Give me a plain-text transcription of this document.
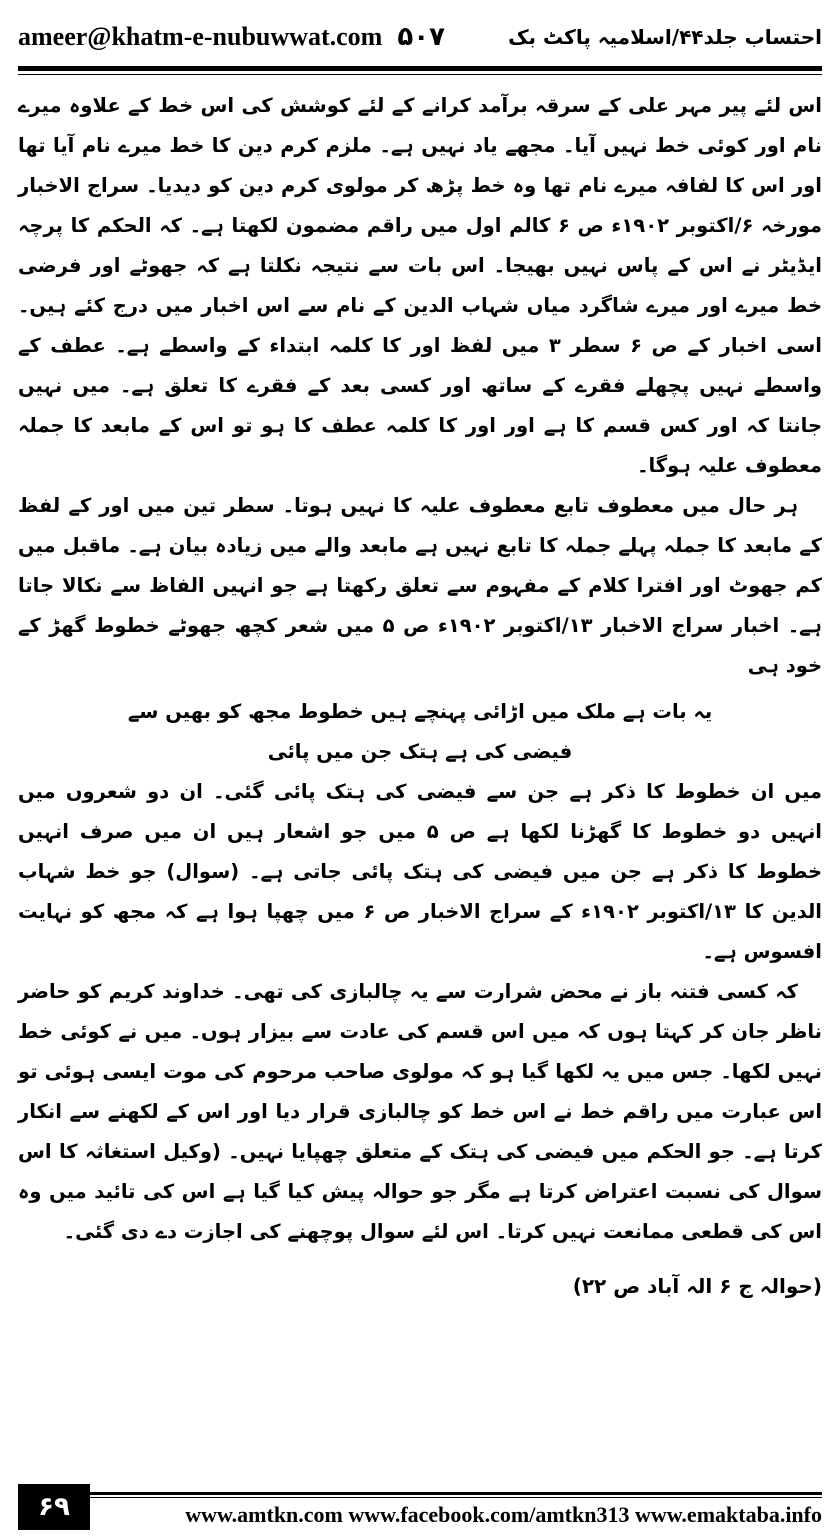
ameer@khatm-e-nubuwwat.com ۵۰۷	احتساب جلد۴۴/اسلامیہ پاکٹ بک

اس لئے پیر مہر علی کے سرقہ برآمد کرانے کے لئے کوشش کی اس خط کے علاوہ میرے نام اور کوئی خط نہیں آیا۔ مجھے یاد نہیں ہے۔ ملزم کرم دین کا خط میرے نام آیا تھا اور اس کا لفافہ میرے نام تھا وہ خط پڑھ کر مولوی کرم دین کو دیدیا۔ سراج الاخبار مورخہ ۶/اکتوبر ۱۹۰۲ء ص ۶ کالم اول میں راقم مضمون لکھتا ہے۔ کہ الحکم کا پرچہ ایڈیٹر نے اس کے پاس نہیں بھیجا۔ اس بات سے نتیجہ نکلتا ہے کہ جھوٹے اور فرضی خط میرے اور میرے شاگرد میاں شہاب الدین کے نام سے اس اخبار میں درج کئے ہیں۔ اسی اخبار کے ص ۶ سطر ۳ میں لفظ اور کا کلمہ ابتداء کے واسطے ہے۔ عطف کے واسطے نہیں پچھلے فقرے کے ساتھ اور کسی بعد کے فقرے کا تعلق ہے۔ میں نہیں جانتا کہ اور کس قسم کا ہے اور اور کا کلمہ عطف کا ہو تو اس کے مابعد کا جملہ معطوف علیہ ہوگا۔

ہر حال میں معطوف تابع معطوف علیہ کا نہیں ہوتا۔ سطر تین میں اور کے لفظ کے مابعد کا جملہ پہلے جملہ کا تابع نہیں ہے مابعد والے میں زیادہ بیان ہے۔ ماقبل میں کم جھوٹ اور افترا کلام کے مفہوم سے تعلق رکھتا ہے جو انہیں الفاظ سے نکالا جاتا ہے۔ اخبار سراج الاخبار ۱۳/اکتوبر ۱۹۰۲ء ص ۵ میں شعر کچھ جھوٹے خطوط گھڑ کے خود ہی

یہ بات ہے ملک میں اڑائی پہنچے ہیں خطوط مجھ کو بھیں سے
فیضی کی ہے ہتک جن میں پائی

میں ان خطوط کا ذکر ہے جن سے فیضی کی ہتک پائی گئی۔ ان دو شعروں میں انہیں دو خطوط کا گھڑنا لکھا ہے ص ۵ میں جو اشعار ہیں ان میں صرف انہیں خطوط کا ذکر ہے جن میں فیضی کی ہتک پائی جاتی ہے۔ (سوال) جو خط شہاب الدین کا ۱۳/اکتوبر ۱۹۰۲ء کے سراج الاخبار ص ۶ میں چھپا ہوا ہے کہ مجھ کو نہایت افسوس ہے۔

کہ کسی فتنہ باز نے محض شرارت سے یہ چالبازی کی تھی۔ خداوند کریم کو حاضر ناظر جان کر کہتا ہوں کہ میں اس قسم کی عادت سے بیزار ہوں۔ میں نے کوئی خط نہیں لکھا۔ جس میں یہ لکھا گیا ہو کہ مولوی صاحب مرحوم کی موت ایسی ہوئی تو اس عبارت میں راقم خط نے اس خط کو چالبازی قرار دیا اور اس کے لکھنے سے انکار کرتا ہے۔ جو الحکم میں فیضی کی ہتک کے متعلق چھپایا نہیں۔ (وکیل استغاثہ کا اس سوال کی نسبت اعتراض کرتا ہے مگر جو حوالہ پیش کیا گیا ہے اس کی تائید میں وہ اس کی قطعی ممانعت نہیں کرتا۔ اس لئے سوال پوچھنے کی اجازت دے دی گئی۔

(حوالہ ج ۶ الہ آباد ص ۲۲)
۶۹	www.amtkn.com www.facebook.com/amtkn313 www.emaktaba.info
